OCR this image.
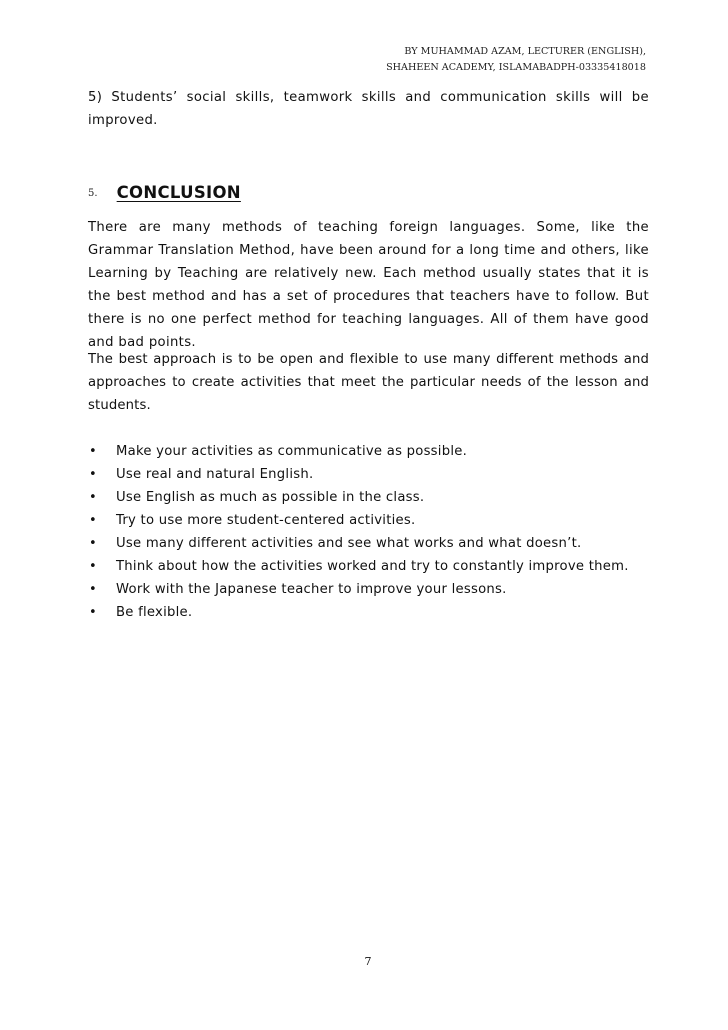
BY MUHAMMAD AZAM, LECTURER (ENGLISH),
SHAHEEN ACADEMY, ISLAMABADPH-03335418018
5) Students’ social skills, teamwork skills and communication skills will be improved.
5. CONCLUSION
There are many methods of teaching foreign languages. Some, like the Grammar Translation Method, have been around for a long time and others, like Learning by Teaching are relatively new. Each method usually states that it is the best method and has a set of procedures that teachers have to follow. But there is no one perfect method for teaching languages. All of them have good and bad points.
The best approach is to be open and flexible to use many different methods and approaches to create activities that meet the particular needs of the lesson and students.
• Make your activities as communicative as possible.
• Use real and natural English.
• Use English as much as possible in the class.
• Try to use more student-centered activities.
• Use many different activities and see what works and what doesn’t.
• Think about how the activities worked and try to constantly improve them.
• Work with the Japanese teacher to improve your lessons.
• Be flexible.
7
